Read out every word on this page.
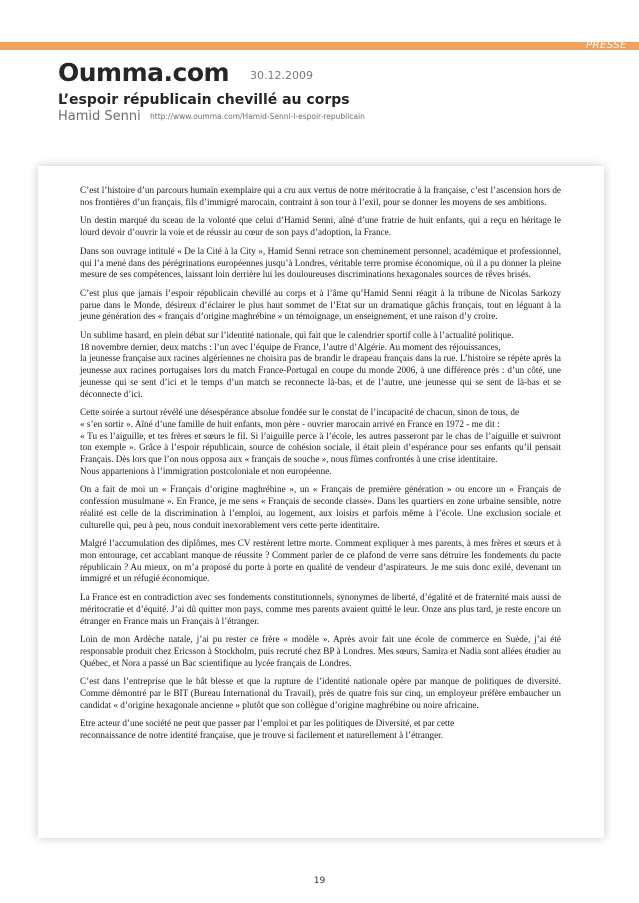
PRESSE
Oumma.com 30.12.2009
L’espoir républicain chevillé au corps
Hamid Senni http://www.oumma.com/Hamid-Senni-l-espoir-republicain

C’est l’histoire d’un parcours humain exemplaire qui a cru aux vertus de notre méritocratie à la française, c’est l’ascension hors de nos frontières d’un français, fils d’immigré marocain, contraint à son tour à l’exil, pour se donner les moyens de ses ambitions.

Un destin marqué du sceau de la volonté que celui d’Hamid Senni, aîné d’une fratrie de huit enfants, qui a reçu en héritage le lourd devoir d’ouvrir la voie et de réussir au cœur de son pays d’adoption, la France.

Dans son ouvrage intitulé « De la Cité à la City », Hamid Senni retrace son cheminement personnel, académique et professionnel, qui l’a mené dans des pérégrinations européennes jusqu’à Londres, véritable terre promise économique, où il a pu donner la pleine mesure de ses compétences, laissant loin derrière lui les douloureuses discriminations hexagonales sources de rêves brisés.

C’est plus que jamais l’espoir républicain chevillé au corps et à l’âme qu’Hamid Senni réagit à la tribune de Nicolas Sarkozy parue dans le Monde, désireux d’éclairer le plus haut sommet de l’Etat sur un dramatique gâchis français, tout en léguant à la jeune génération des « français d’origine maghrébine » un témoignage, un enseignement, et une raison d’y croire.

Un sublime hasard, en plein débat sur l’identité nationale, qui fait que le calendrier sportif colle à l’actualité politique.
18 novembre dernier, deux matchs : l’un avec l’équipe de France, l’autre d’Algérie. Au moment des réjouissances,
la jeunesse française aux racines algériennes ne choisira pas de brandir le drapeau français dans la rue. L’histoire se répète après la jeunesse aux racines portugaises lors du match France-Portugal en coupe du monde 2006, à une différence près : d’un côté, une jeunesse qui se sent d’ici et le temps d’un match se reconnecte là-bas, et de l’autre, une jeunesse qui se sent de là-bas et se déconnecte d’ici.

Cette soirée a surtout révélé une désespérance absolue fondée sur le constat de l’incapacité de chacun, sinon de tous, de
« s’en sortir ». Aîné d’une famille de huit enfants, mon père - ouvrier marocain arrivé en France en 1972 - me dit :
« Tu es l’aiguille, et tes frères et sœurs le fil. Si l’aiguille perce à l’école, les autres passeront par le chas de l’aiguille et suivront ton exemple ». Grâce à l’espoir républicain, source de cohésion sociale, il était plein d’espérance pour ses enfants qu’il pensait Français. Dès lors que l’on nous opposa aux « français de souche », nous fûmes confrontés à une crise identitaire.
Nous appartenions à l’immigration postcoloniale et non européenne.

On a fait de moi un « Français d’origine maghrébine », un « Français de première génération » ou encore un « Français de confession musulmane ». En France, je me sens « Français de seconde classe». Dans les quartiers en zone urbaine sensible, notre réalité est celle de la discrimination à l’emploi, au logement, aux loisirs et parfois même à l’école. Une exclusion sociale et culturelle qui, peu à peu, nous conduit inexorablement vers cette perte identitaire.

Malgré l’accumulation des diplômes, mes CV restèrent lettre morte. Comment expliquer à mes parents, à mes frères et sœurs et à mon entourage, cet accablant manque de réussite ? Comment parler de ce plafond de verre sans détruire les fondements du pacte républicain ? Au mieux, on m’a proposé du porte à porte en qualité de vendeur d’aspirateurs. Je me suis donc exilé, devenant un immigré et un réfugié économique.

La France est en contradiction avec ses fondements constitutionnels, synonymes de liberté, d’égalité et de fraternité mais aussi de méritocratie et d’équité. J’ai dû quitter mon pays, comme mes parents avaient quitté le leur. Onze ans plus tard, je reste encore un étranger en France mais un Français à l’étranger.

Loin de mon Ardèche natale, j’ai pu rester ce frère « modèle ». Après avoir fait une école de commerce en Suède, j’ai été responsable produit chez Ericsson à Stockholm, puis recruté chez BP à Londres. Mes sœurs, Samira et Nadia sont allées étudier au Québec, et Nora a passé un Bac scientifique au lycée français de Londres.

C’est dans l’entreprise que le bât blesse et que la rupture de l’identité nationale opère par manque de politiques de diversité. Comme démontré par le BIT (Bureau International du Travail), près de quatre fois sur cinq, un employeur préfère embaucher un candidat « d’origine hexagonale ancienne » plutôt que son collègue d’origine maghrébine ou noire africaine.

Etre acteur d’une société ne peut que passer par l’emploi et par les politiques de Diversité, et par cette
reconnaissance de notre identité française, que je trouve si facilement et naturellement à l’étranger.

19
